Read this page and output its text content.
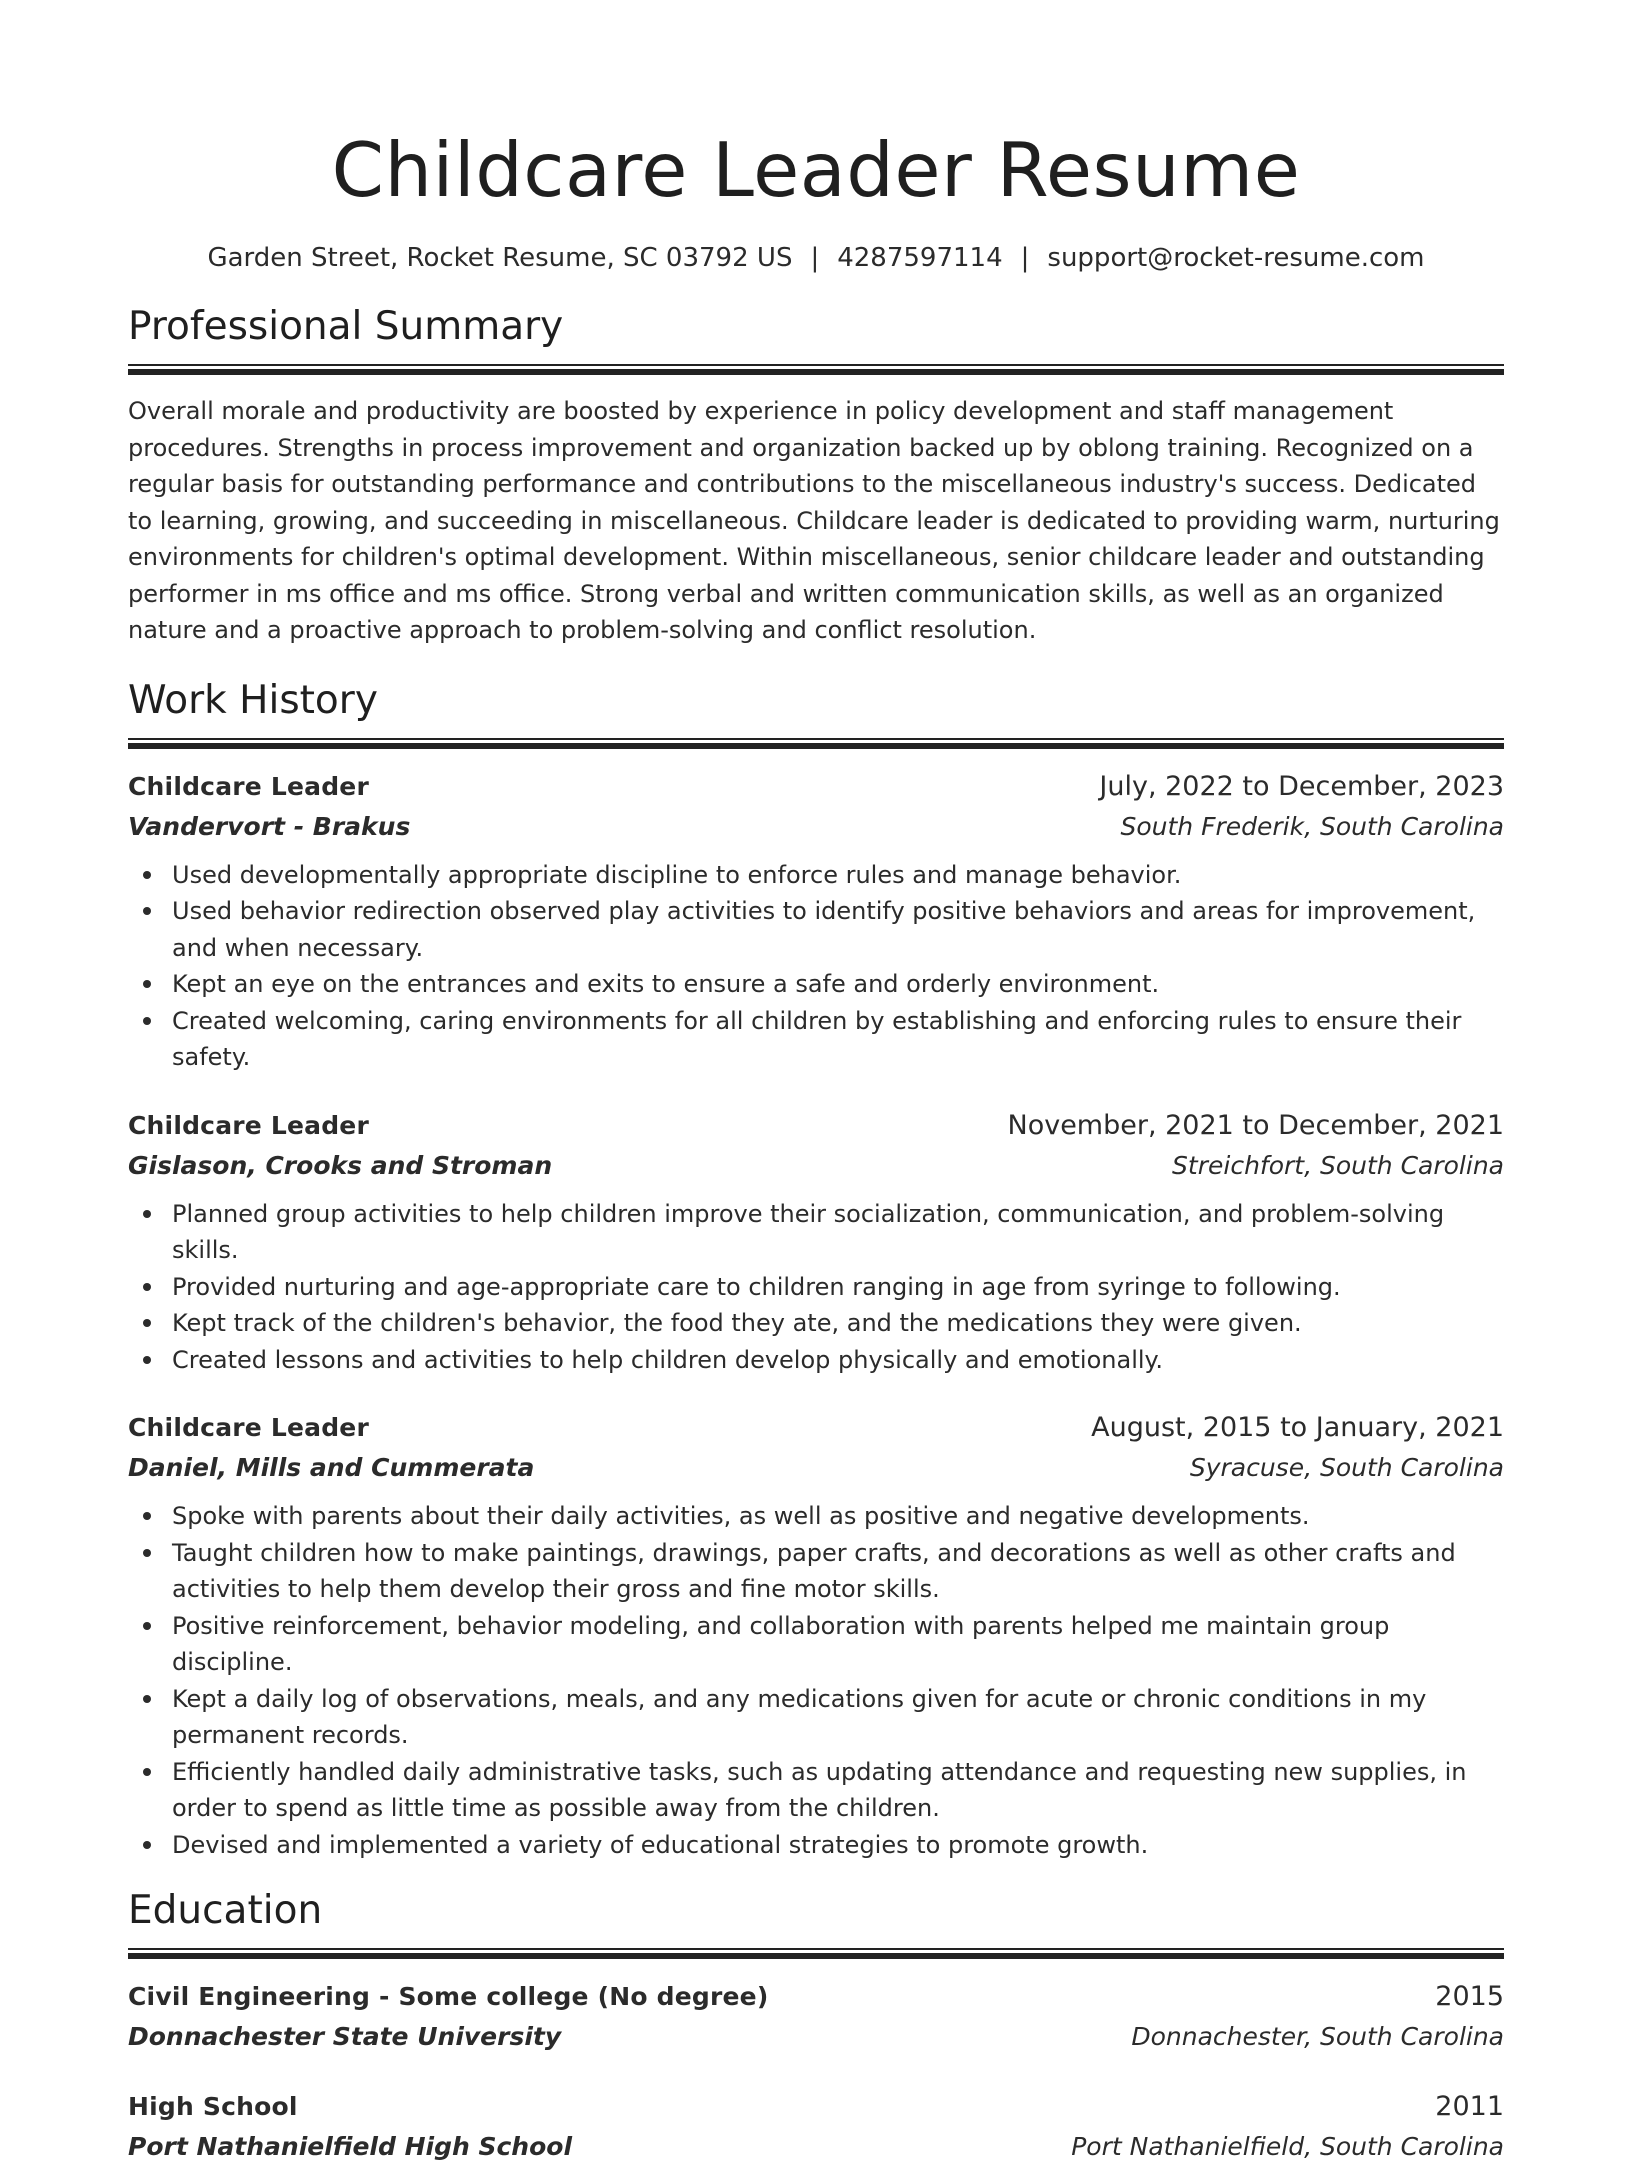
Childcare Leader Resume
Garden Street, Rocket Resume, SC 03792 US | 4287597114 | support@rocket-resume.com
Professional Summary

Overall morale and productivity are boosted by experience in policy development and staff management procedures. Strengths in process improvement and organization backed up by oblong training. Recognized on a regular basis for outstanding performance and contributions to the miscellaneous industry's success. Dedicated to learning, growing, and succeeding in miscellaneous. Childcare leader is dedicated to providing warm, nurturing environments for children's optimal development. Within miscellaneous, senior childcare leader and outstanding performer in ms office and ms office. Strong verbal and written communication skills, as well as an organized nature and a proactive approach to problem-solving and conflict resolution.

Work History
Childcare Leader	July, 2022 to December, 2023
Vandervort - Brakus	South Frederik, South Carolina
Used developmentally appropriate discipline to enforce rules and manage behavior.
Used behavior redirection observed play activities to identify positive behaviors and areas for improvement, and when necessary.
Kept an eye on the entrances and exits to ensure a safe and orderly environment.
Created welcoming, caring environments for all children by establishing and enforcing rules to ensure their safety.
Childcare Leader	November, 2021 to December, 2021
Gislason, Crooks and Stroman	Streichfort, South Carolina
Planned group activities to help children improve their socialization, communication, and problem-solving skills.
Provided nurturing and age-appropriate care to children ranging in age from syringe to following.
Kept track of the children's behavior, the food they ate, and the medications they were given.
Created lessons and activities to help children develop physically and emotionally.
Childcare Leader	August, 2015 to January, 2021
Daniel, Mills and Cummerata	Syracuse, South Carolina
Spoke with parents about their daily activities, as well as positive and negative developments.
Taught children how to make paintings, drawings, paper crafts, and decorations as well as other crafts and activities to help them develop their gross and fine motor skills.
Positive reinforcement, behavior modeling, and collaboration with parents helped me maintain group discipline.
Kept a daily log of observations, meals, and any medications given for acute or chronic conditions in my permanent records.
Efficiently handled daily administrative tasks, such as updating attendance and requesting new supplies, in order to spend as little time as possible away from the children.
Devised and implemented a variety of educational strategies to promote growth.
Education
Civil Engineering - Some college (No degree)	2015
Donnachester State University	Donnachester, South Carolina
High School	2011
Port Nathanielfield High School	Port Nathanielfield, South Carolina
